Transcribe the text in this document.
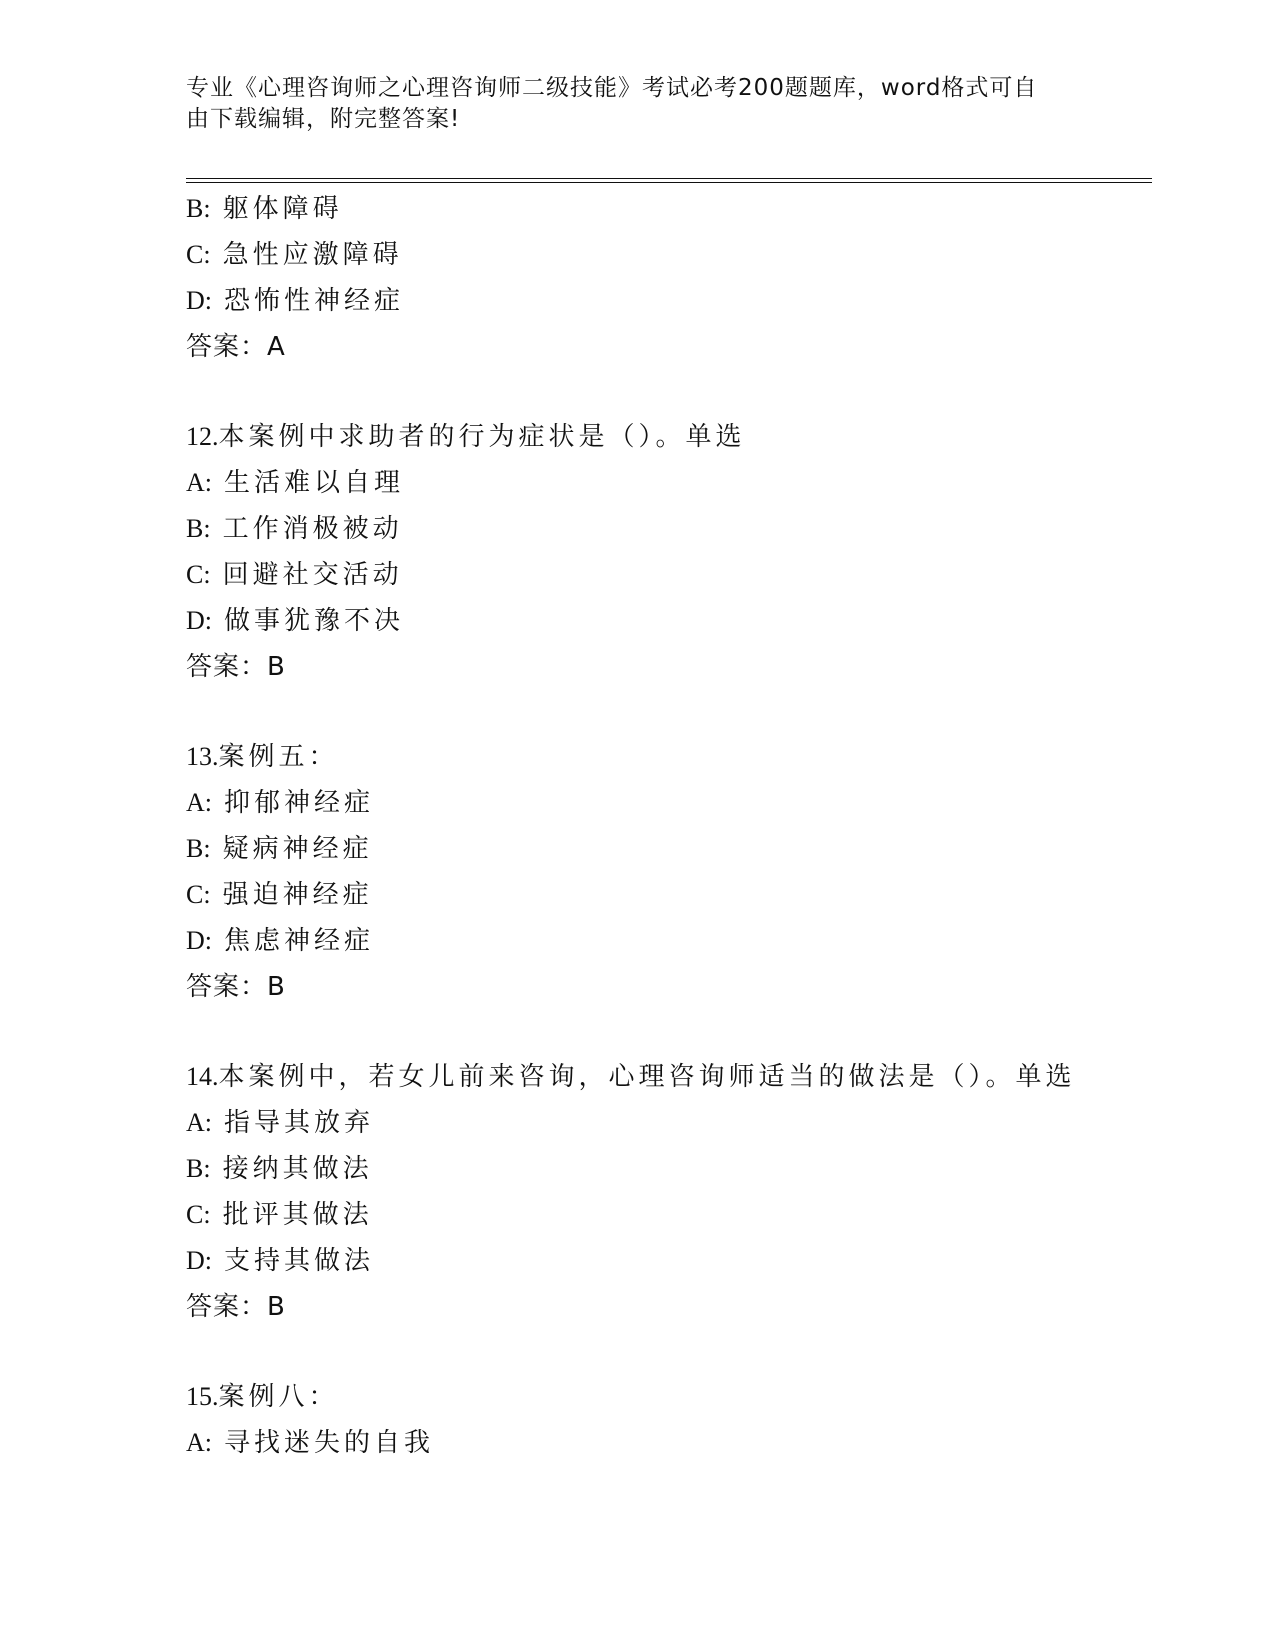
专业《心理咨询师之心理咨询师二级技能》考试必考200题题库，word格式可自
由下载编辑，附完整答案!
B: 躯体障碍
C: 急性应激障碍
D: 恐怖性神经症
答案：A
12.本案例中求助者的行为症状是（）。单选
A: 生活难以自理
B: 工作消极被动
C: 回避社交活动
D: 做事犹豫不决
答案：B
13.案例五：
A: 抑郁神经症
B: 疑病神经症
C: 强迫神经症
D: 焦虑神经症
答案：B
14.本案例中，若女儿前来咨询，心理咨询师适当的做法是（）。单选
A: 指导其放弃
B: 接纳其做法
C: 批评其做法
D: 支持其做法
答案：B
15.案例八：
A: 寻找迷失的自我
